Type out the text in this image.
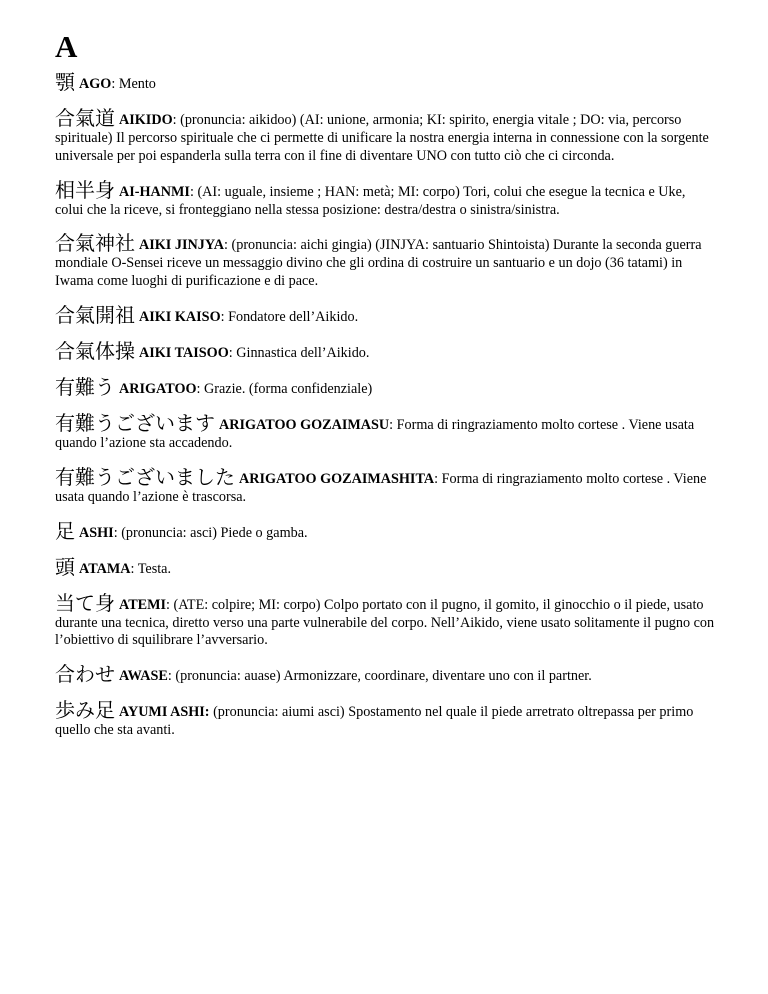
A

顎 AGO: Mento

合氣道 AIKIDO: (pronuncia: aikidoo) (AI: unione, armonia; KI: spirito, energia vitale ; DO: via, percorso spirituale) Il percorso spirituale che ci permette di unificare la nostra energia interna in connessione con la sorgente universale per poi espanderla sulla terra con il fine di diventare UNO con tutto ciò che ci circonda.

相半身 AI-HANMI: (AI: uguale, insieme ; HAN: metà; MI: corpo) Tori, colui che esegue la tecnica e Uke, colui che la riceve, si fronteggiano nella stessa posizione: destra/destra o sinistra/sinistra.

合氣神社 AIKI JINJYA: (pronuncia: aichi gingia) (JINJYA: santuario Shintoista) Durante la seconda guerra mondiale O-Sensei riceve un messaggio divino che gli ordina di costruire un santuario e un dojo (36 tatami) in Iwama come luoghi di purificazione e di pace.

合氣開祖 AIKI KAISO: Fondatore dell’Aikido.

合氣体操 AIKI TAISOO: Ginnastica dell’Aikido.

有難う ARIGATOO: Grazie. (forma confidenziale)

有難うございます ARIGATOO GOZAIMASU: Forma di ringraziamento molto cortese . Viene usata quando l’azione sta accadendo.

有難うございました ARIGATOO GOZAIMASHITA: Forma di ringraziamento molto cortese . Viene usata quando l’azione è trascorsa.

足 ASHI: (pronuncia: asci) Piede o gamba.

頭 ATAMA: Testa.

当て身 ATEMI: (ATE: colpire; MI: corpo) Colpo portato con il pugno, il gomito, il ginocchio o il piede, usato durante una tecnica, diretto verso una parte vulnerabile del corpo. Nell’Aikido, viene usato solitamente il pugno con l’obiettivo di squilibrare l’avversario.

合わせ AWASE: (pronuncia: auase) Armonizzare, coordinare, diventare uno con il partner.

歩み足 AYUMI ASHI: (pronuncia: aiumi asci) Spostamento nel quale il piede arretrato oltrepassa per primo quello che sta avanti.
